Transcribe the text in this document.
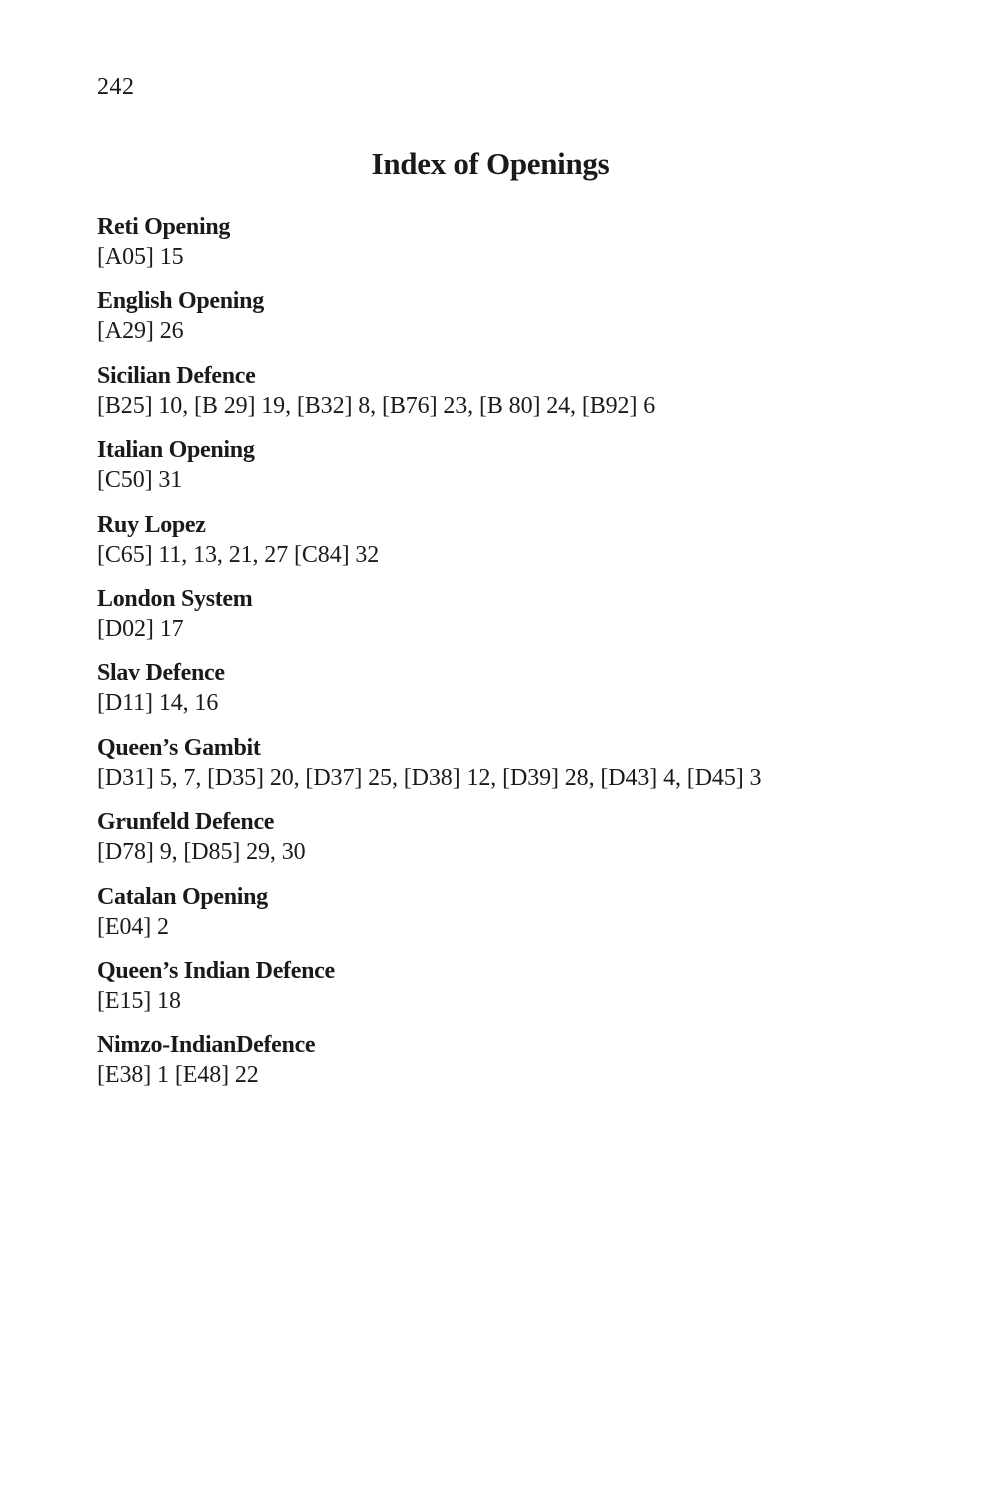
242
Index of Openings
Reti Opening
[A05] 15
English Opening
[A29] 26
Sicilian Defence
[B25] 10, [B 29] 19, [B32] 8, [B76] 23, [B 80] 24, [B92] 6
Italian Opening
[C50] 31
Ruy Lopez
[C65] 11, 13, 21, 27 [C84] 32
London System
[D02] 17
Slav Defence
[D11] 14, 16
Queen’s Gambit
[D31] 5, 7, [D35] 20, [D37] 25, [D38] 12, [D39] 28, [D43] 4, [D45] 3
Grunfeld Defence
[D78] 9, [D85] 29, 30
Catalan Opening
[E04] 2
Queen’s Indian Defence
[E15] 18
Nimzo-IndianDefence
[E38] 1 [E48] 22
